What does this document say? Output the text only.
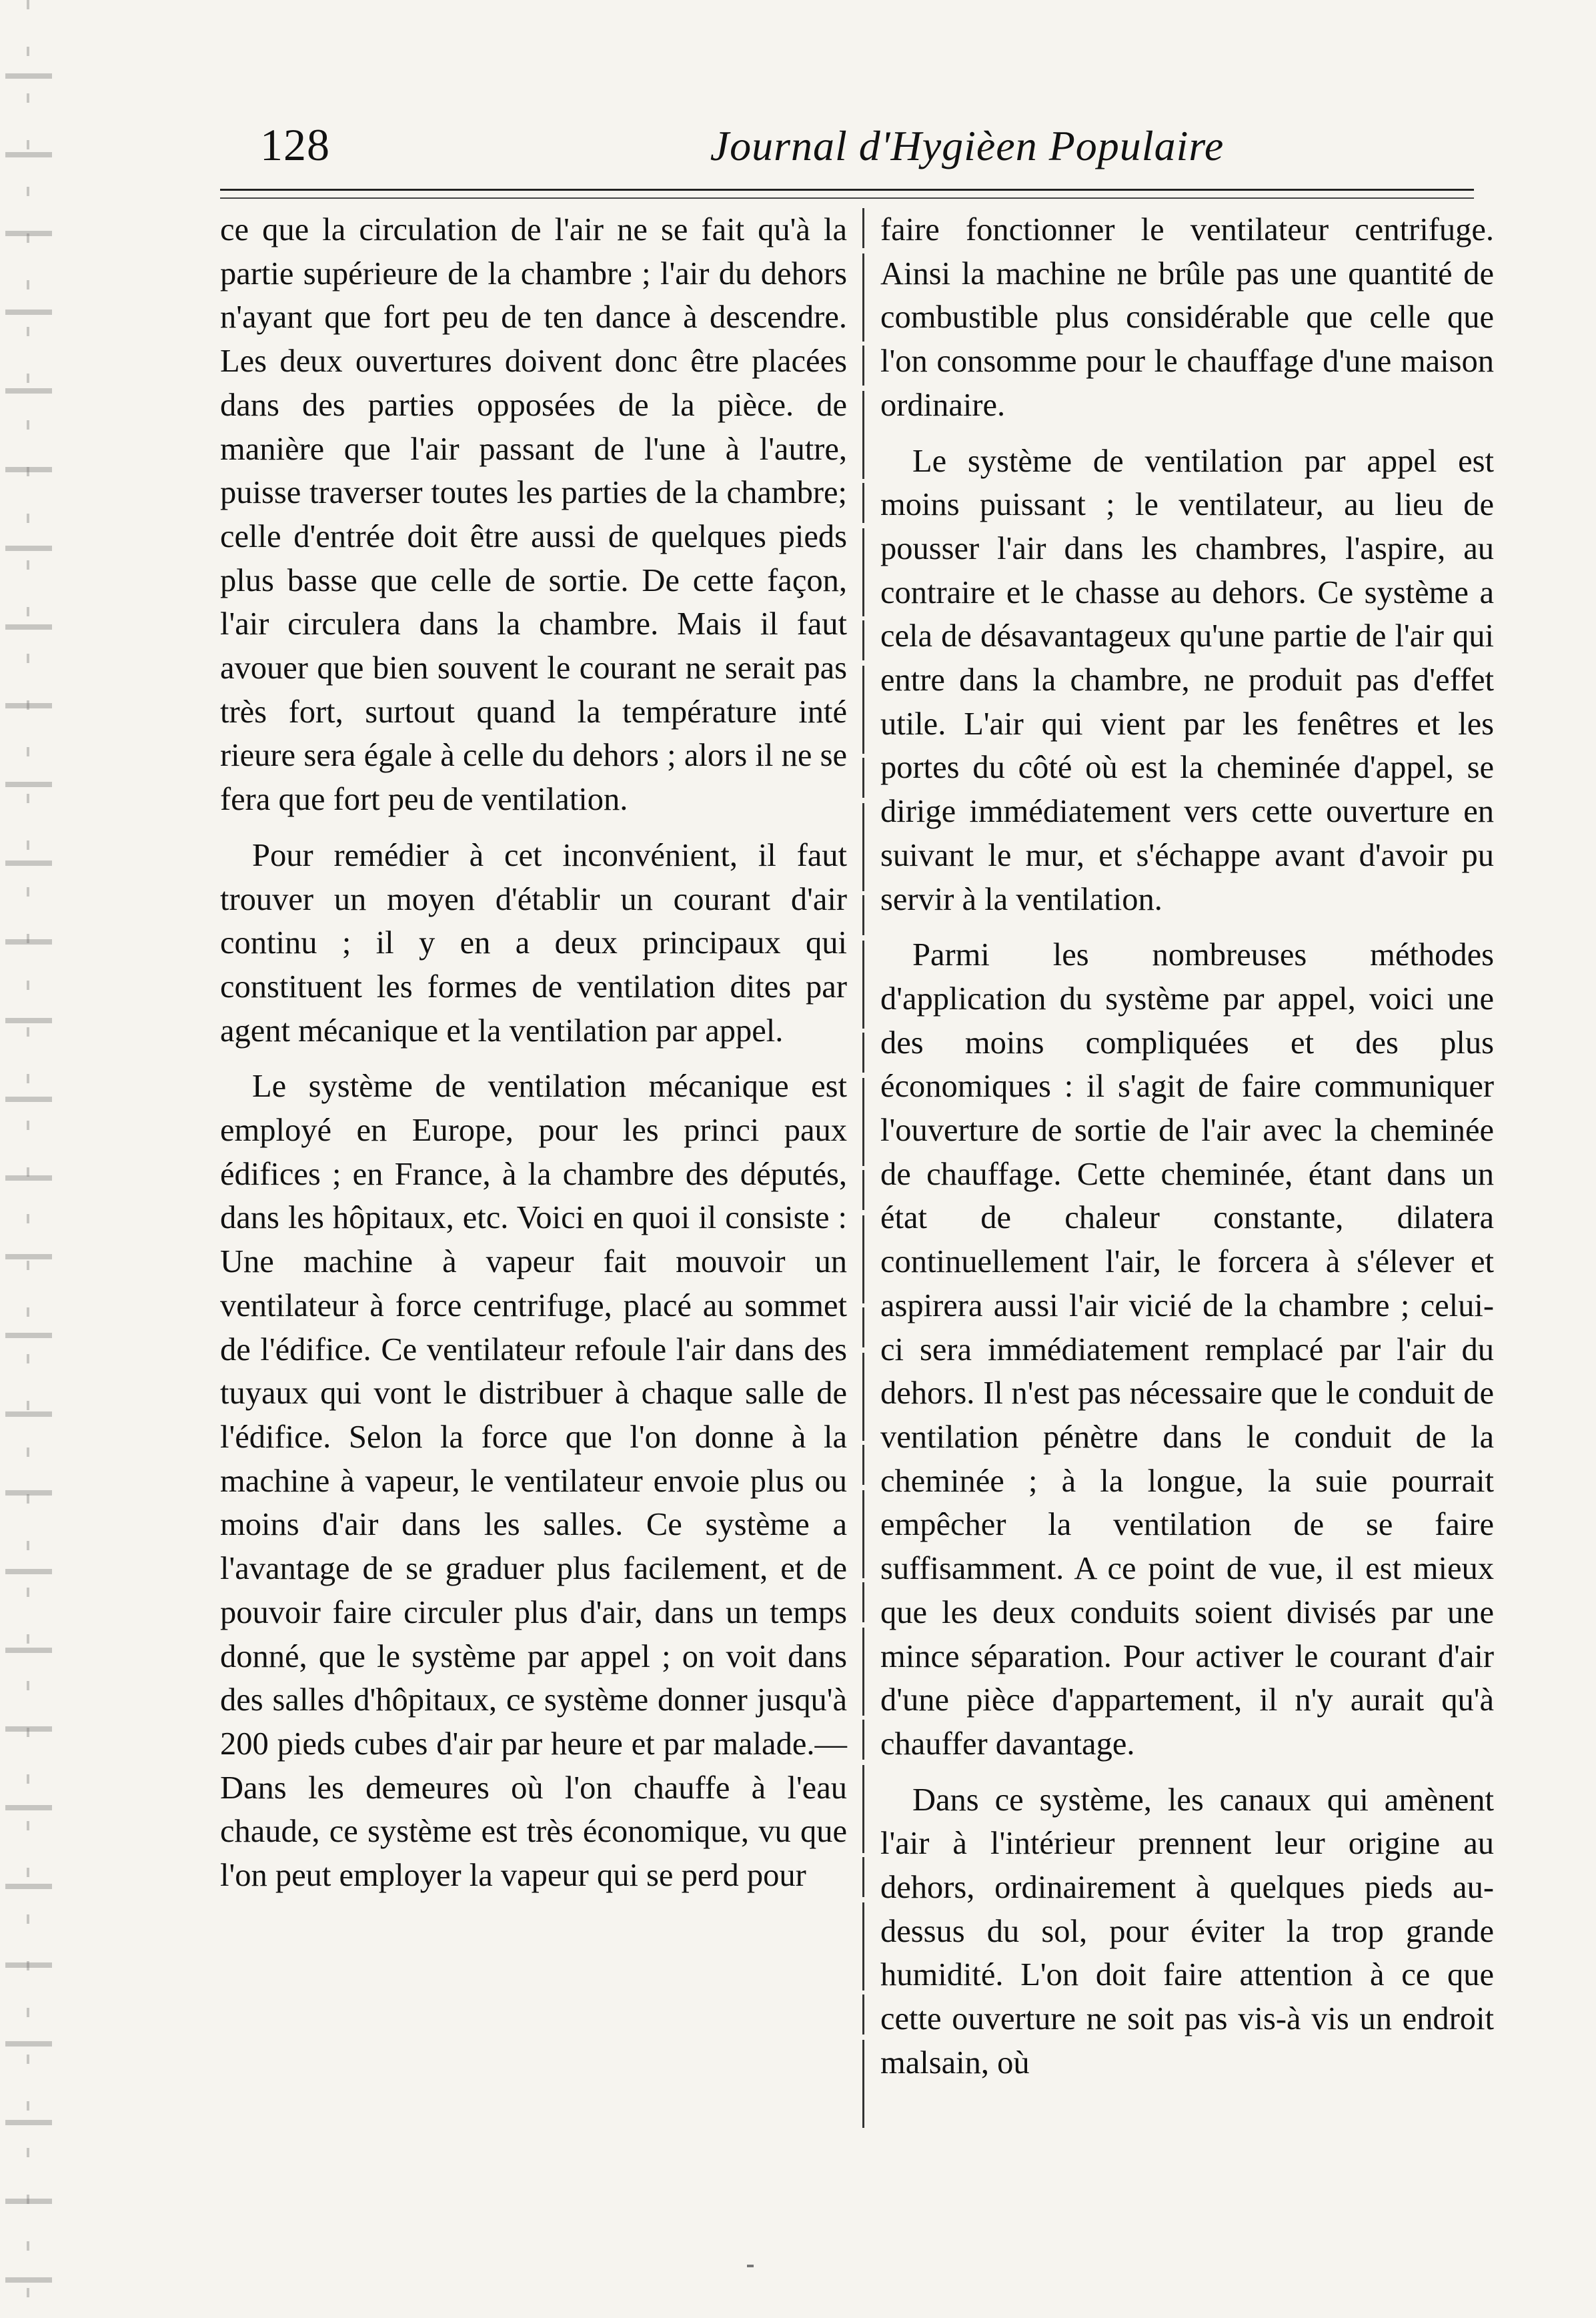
128	Journal d'Hygièen Populaire

ce que la circulation de l'air ne se fait qu'à la partie supérieure de la chambre ; l'air du dehors n'ayant que fort peu de ten dance à descendre. Les deux ouvertures doivent donc être placées dans des parties opposées de la pièce. de manière que l'air passant de l'une à l'autre, puisse traverser toutes les parties de la chambre; celle d'entrée doit être aussi de quelques pieds plus basse que celle de sortie. De cette façon, l'air circulera dans la chambre. Mais il faut avouer que bien souvent le courant ne serait pas très fort, surtout quand la température inté rieure sera égale à celle du dehors ; alors il ne se fera que fort peu de ventilation.

Pour remédier à cet inconvénient, il faut trouver un moyen d'établir un courant d'air continu ; il y en a deux principaux qui constituent les formes de ventilation dites par agent mécanique et la ventilation par appel.

Le système de ventilation mécanique est employé en Europe, pour les princi paux édifices ; en France, à la chambre des députés, dans les hôpitaux, etc. Voici en quoi il consiste : Une machine à vapeur fait mouvoir un ventilateur à force centrifuge, placé au sommet de l'édifice. Ce ventilateur refoule l'air dans des tuyaux qui vont le distribuer à chaque salle de l'édifice. Selon la force que l'on donne à la machine à vapeur, le ventilateur envoie plus ou moins d'air dans les salles. Ce système a l'avantage de se graduer plus facilement, et de pouvoir faire circuler plus d'air, dans un temps donné, que le système par appel ; on voit dans des salles d'hôpitaux, ce système donner jusqu'à 200 pieds cubes d'air par heure et par malade.—Dans les demeures où l'on chauffe à l'eau chaude, ce système est très économique, vu que l'on peut employer la vapeur qui se perd pour

faire fonctionner le ventilateur centrifuge. Ainsi la machine ne brûle pas une quantité de combustible plus considérable que celle que l'on consomme pour le chauffage d'une maison ordinaire.

Le système de ventilation par appel est moins puissant ; le ventilateur, au lieu de pousser l'air dans les chambres, l'aspire, au contraire et le chasse au dehors. Ce système a cela de désavantageux qu'une partie de l'air qui entre dans la chambre, ne produit pas d'effet utile. L'air qui vient par les fenêtres et les portes du côté où est la cheminée d'appel, se dirige immédiatement vers cette ouverture en suivant le mur, et s'échappe avant d'avoir pu servir à la ventilation.

Parmi les nombreuses méthodes d'application du système par appel, voici une des moins compliquées et des plus économiques : il s'agit de faire communiquer l'ouverture de sortie de l'air avec la cheminée de chauffage. Cette cheminée, étant dans un état de chaleur constante, dilatera continuellement l'air, le forcera à s'élever et aspirera aussi l'air vicié de la chambre ; celui-ci sera immédiatement remplacé par l'air du dehors. Il n'est pas nécessaire que le conduit de ventilation pénètre dans le conduit de la cheminée ; à la longue, la suie pourrait empêcher la ventilation de se faire suffisamment. A ce point de vue, il est mieux que les deux conduits soient divisés par une mince séparation. Pour activer le courant d'air d'une pièce d'appartement, il n'y aurait qu'à chauffer davantage.

Dans ce système, les canaux qui amènent l'air à l'intérieur prennent leur origine au dehors, ordinairement à quelques pieds au-dessus du sol, pour éviter la trop grande humidité. L'on doit faire attention à ce que cette ouverture ne soit pas vis-à vis un endroit malsain, où
